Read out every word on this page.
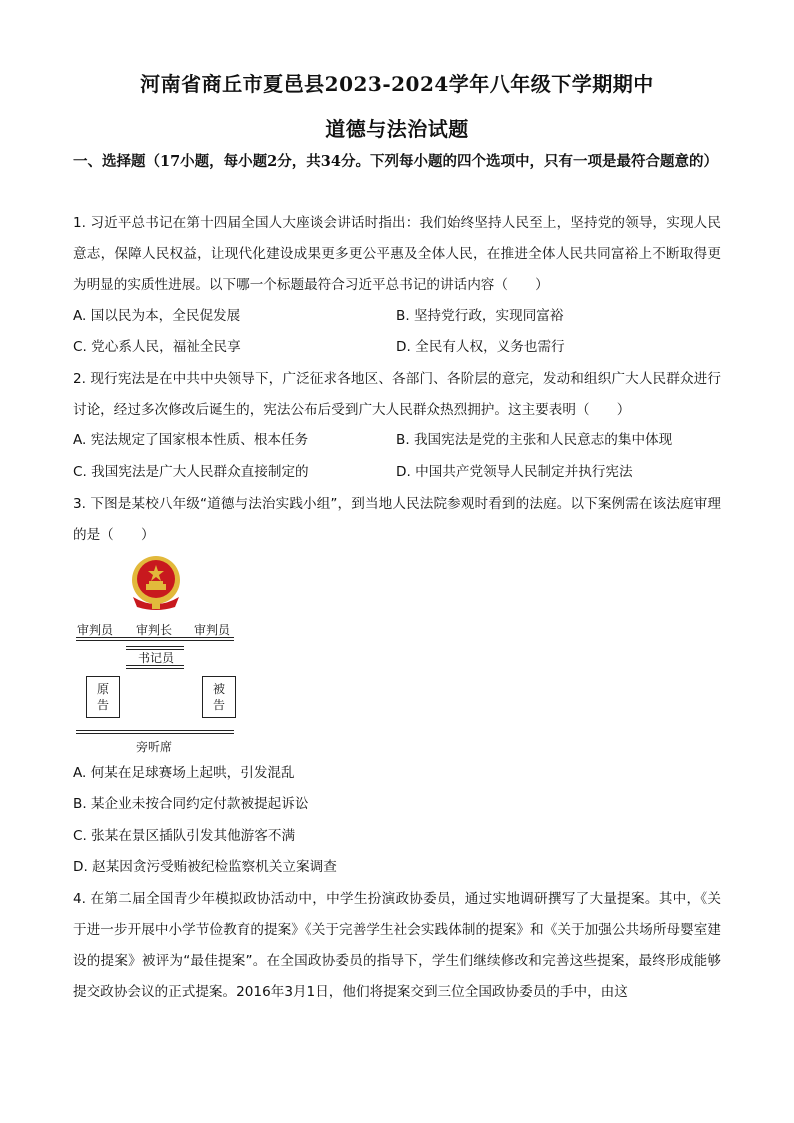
河南省商丘市夏邑县2023-2024学年八年级下学期期中
道德与法治试题
一、选择题（17小题，每小题2分，共34分。下列每小题的四个选项中，只有一项是最符合题意的）
1. 习近平总书记在第十四届全国人大座谈会讲话时指出：我们始终坚持人民至上，坚持党的领导，实现人民意志，保障人民权益，让现代化建设成果更多更公平惠及全体人民，在推进全体人民共同富裕上不断取得更为明显的实质性进展。以下哪一个标题最符合习近平总书记的讲话内容（　　）
A. 国以民为本，全民促发展	B. 坚持党行政，实现同富裕
C. 党心系人民，福祉全民享	D. 全民有人权，义务也需行
2. 现行宪法是在中共中央领导下，广泛征求各地区、各部门、各阶层的意完，发动和组织广大人民群众进行讨论，经过多次修改后诞生的，宪法公布后受到广大人民群众热烈拥护。这主要表明（　　）
A. 宪法规定了国家根本性质、根本任务	B. 我国宪法是党的主张和人民意志的集中体现
C. 我国宪法是广大人民群众直接制定的	D. 中国共产党领导人民制定并执行宪法
3. 下图是某校八年级“道德与法治实践小组”，到当地人民法院参观时看到的法庭。以下案例需在该法庭审理的是（　　）
审判员 审判长 审判员
书记员
原
告
被
告
旁听席
A. 何某在足球赛场上起哄，引发混乱
B. 某企业未按合同约定付款被提起诉讼
C. 张某在景区插队引发其他游客不满
D. 赵某因贪污受贿被纪检监察机关立案调查
4. 在第二届全国青少年模拟政协活动中，中学生扮演政协委员，通过实地调研撰写了大量提案。其中，《关于进一步开展中小学节俭教育的提案》《关于完善学生社会实践体制的提案》和《关于加强公共场所母婴室建设的提案》被评为“最佳提案”。在全国政协委员的指导下，学生们继续修改和完善这些提案，最终形成能够提交政协会议的正式提案。2016年3月1日，他们将提案交到三位全国政协委员的手中，由这
